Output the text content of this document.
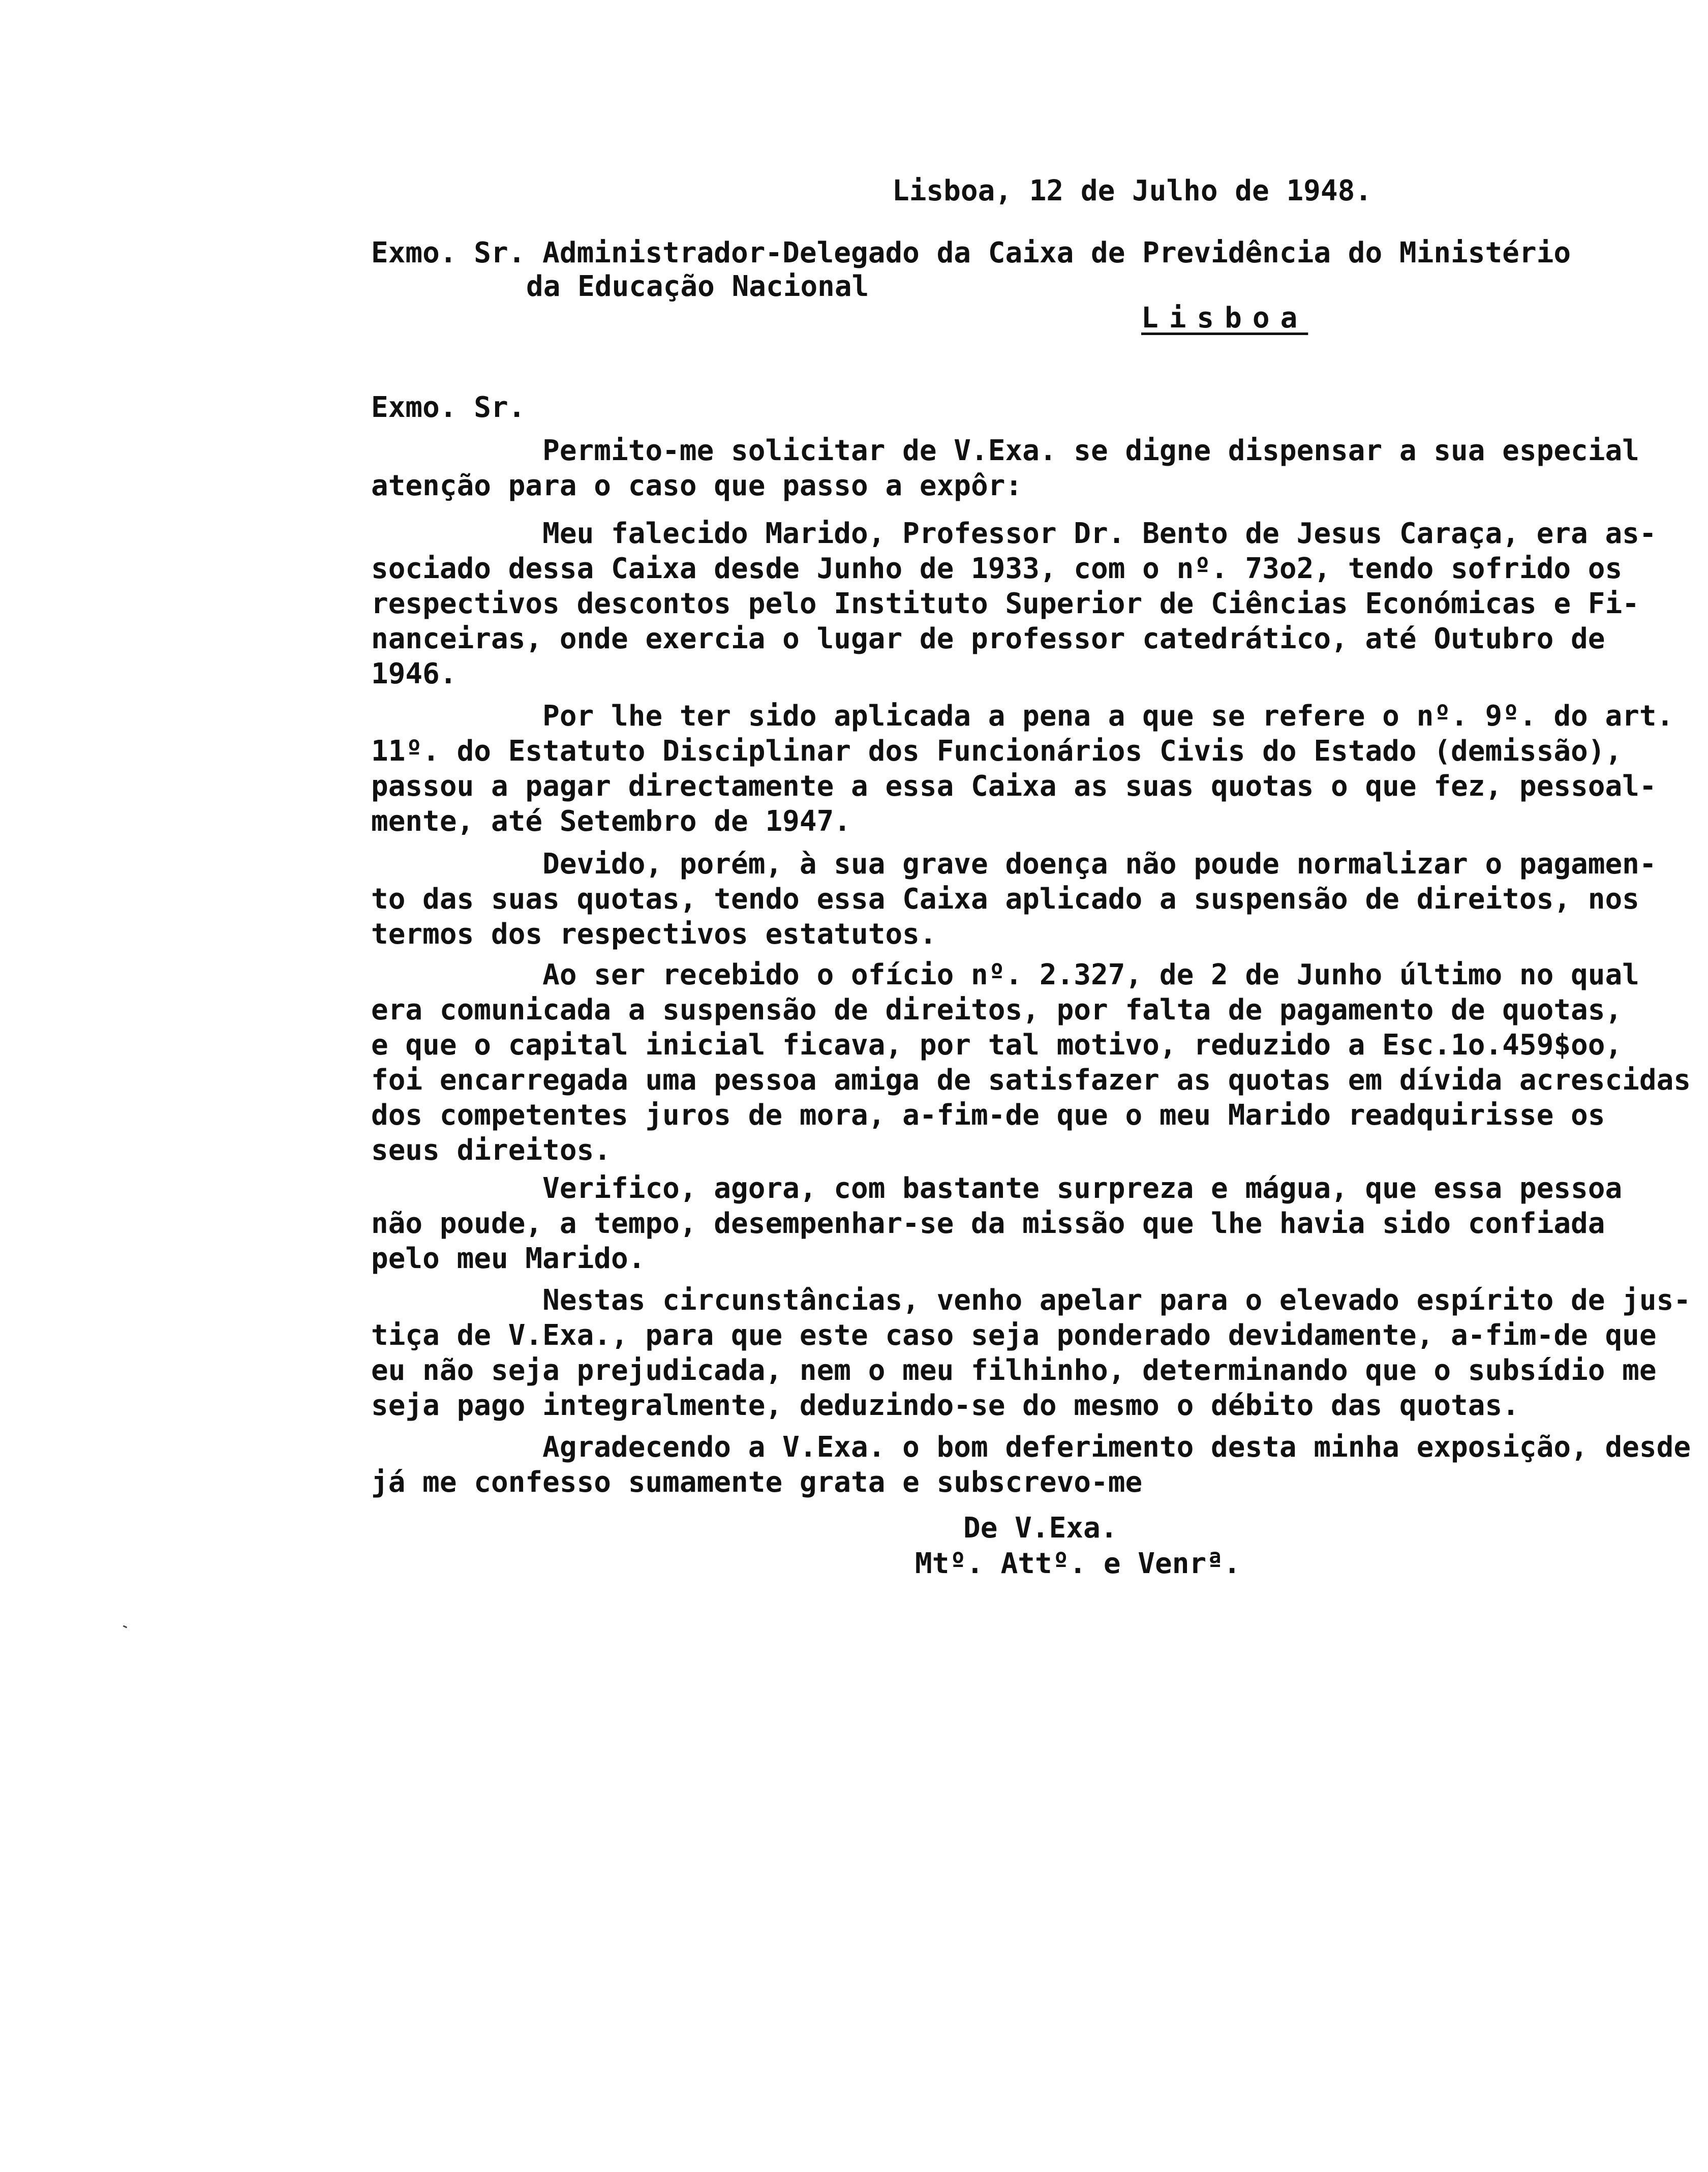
Lisboa, 12 de Julho de 1948.
Exmo. Sr. Administrador-Delegado da Caixa de Previdência do Ministério
da Educação Nacional
Lisboa
Exmo. Sr.

Permito-me solicitar de V.Exa. se digne dispensar a sua especial
atenção para o caso que passo a expôr:

Meu falecido Marido, Professor Dr. Bento de Jesus Caraça, era as-
sociado dessa Caixa desde Junho de 1933, com o nº. 73o2, tendo sofrido os
respectivos descontos pelo Instituto Superior de Ciências Económicas e Fi-
nanceiras, onde exercia o lugar de professor catedrático, até Outubro de
1946.

Por lhe ter sido aplicada a pena a que se refere o nº. 9º. do art.
11º. do Estatuto Disciplinar dos Funcionários Civis do Estado (demissão),
passou a pagar directamente a essa Caixa as suas quotas o que fez, pessoal-
mente, até Setembro de 1947.

Devido, porém, à sua grave doença não poude normalizar o pagamen-
to das suas quotas, tendo essa Caixa aplicado a suspensão de direitos, nos
termos dos respectivos estatutos.

Ao ser recebido o ofício nº. 2.327, de 2 de Junho último no qual
era comunicada a suspensão de direitos, por falta de pagamento de quotas,
e que o capital inicial ficava, por tal motivo, reduzido a Esc.1o.459$oo,
foi encarregada uma pessoa amiga de satisfazer as quotas em dívida acrescidas
dos competentes juros de mora, a-fim-de que o meu Marido readquirisse os
seus direitos.

Verifico, agora, com bastante surpreza e mágua, que essa pessoa
não poude, a tempo, desempenhar-se da missão que lhe havia sido confiada
pelo meu Marido.

Nestas circunstâncias, venho apelar para o elevado espírito de jus-
tiça de V.Exa., para que este caso seja ponderado devidamente, a-fim-de que
eu não seja prejudicada, nem o meu filhinho, determinando que o subsídio me
seja pago integralmente, deduzindo-se do mesmo o débito das quotas.

Agradecendo a V.Exa. o bom deferimento desta minha exposição, desde
já me confesso sumamente grata e subscrevo-me

De V.Exa.
Mtº. Attº. e Venrª.
